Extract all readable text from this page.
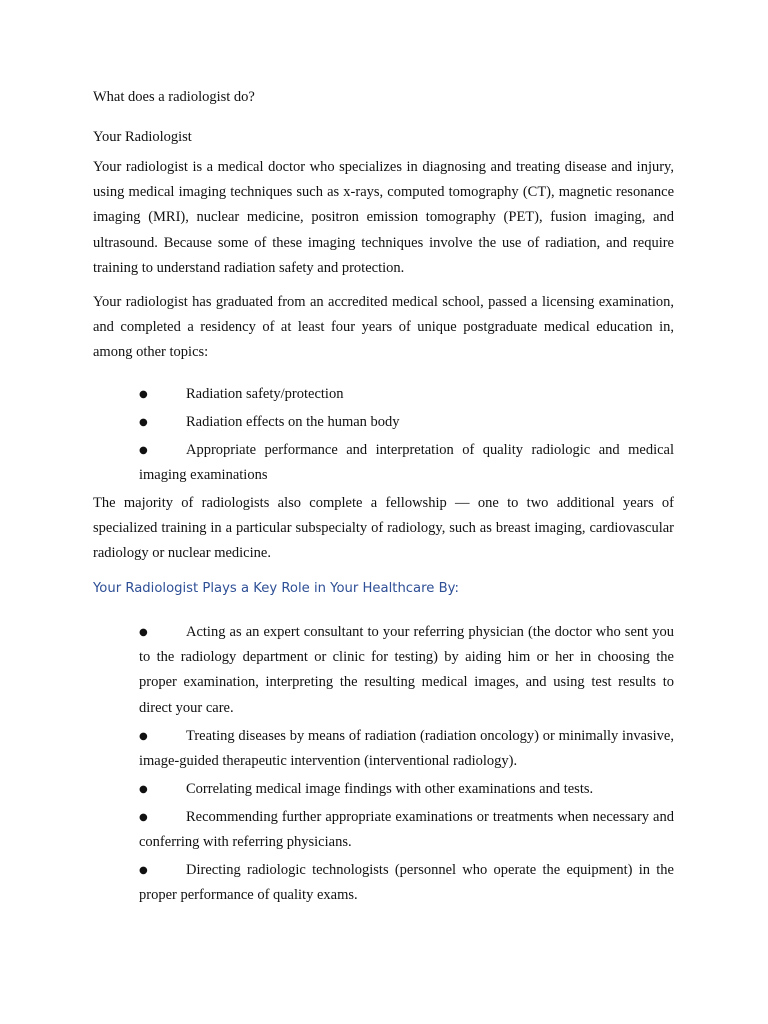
What does a radiologist do?
Your Radiologist

Your radiologist is a medical doctor who specializes in diagnosing and treating disease and injury, using medical imaging techniques such as x-rays, computed tomography (CT), magnetic resonance imaging (MRI), nuclear medicine, positron emission tomography (PET), fusion imaging, and ultrasound. Because some of these imaging techniques involve the use of radiation, and require training to understand radiation safety and protection.

Your radiologist has graduated from an accredited medical school, passed a licensing examination, and completed a residency of at least four years of unique postgraduate medical education in, among other topics:

●	Radiation safety/protection
●	Radiation effects on the human body
●	Appropriate performance and interpretation of quality radiologic and medical imaging examinations

The majority of radiologists also complete a fellowship — one to two additional years of specialized training in a particular subspecialty of radiology, such as breast imaging, cardiovascular radiology or nuclear medicine.

Your Radiologist Plays a Key Role in Your Healthcare By:
●	Acting as an expert consultant to your referring physician (the doctor who sent you to the radiology department or clinic for testing) by aiding him or her in choosing the proper examination, interpreting the resulting medical images, and using test results to direct your care.
●	Treating diseases by means of radiation (radiation oncology) or minimally invasive, image-guided therapeutic intervention (interventional radiology).
●	Correlating medical image findings with other examinations and tests.
●	Recommending further appropriate examinations or treatments when necessary and conferring with referring physicians.
●	Directing radiologic technologists (personnel who operate the equipment) in the proper performance of quality exams.
